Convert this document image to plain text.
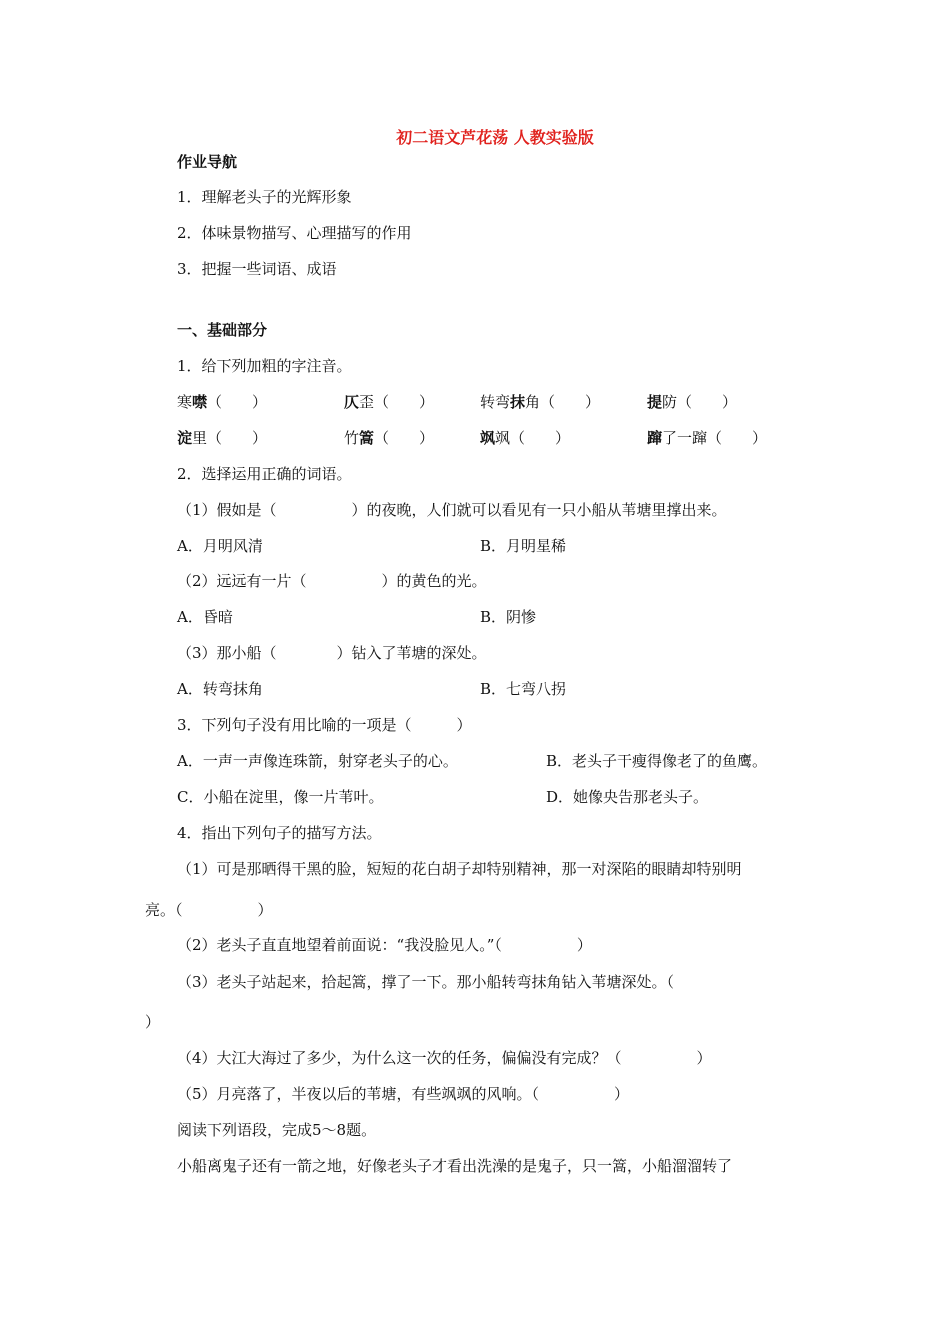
初二语文芦花荡 人教实验版
作业导航
1．理解老头子的光辉形象
2．体味景物描写、心理描写的作用
3．把握一些词语、成语
一、基础部分
1．给下列加粗的字注音。
寒噤（　　）	仄歪（　　）	转弯抹角（　　）	提防（　　）
淀里（　　）	竹篙（　　）	飒飒（　　）	蹿了一蹿（　　）
2．选择运用正确的词语。
（1）假如是（　　　　　）的夜晚，人们就可以看见有一只小船从苇塘里撑出来。
A．月明风清	B．月明星稀
（2）远远有一片（　　　　　）的黄色的光。
A．昏暗	B．阴惨
（3）那小船（　　　　）钻入了苇塘的深处。
A．转弯抹角	B．七弯八拐
3．下列句子没有用比喻的一项是（　　　）
A．一声一声像连珠箭，射穿老头子的心。	B．老头子干瘦得像老了的鱼鹰。
C．小船在淀里，像一片苇叶。	D．她像央告那老头子。
4．指出下列句子的描写方法。
（1）可是那晒得干黑的脸，短短的花白胡子却特别精神，那一对深陷的眼睛却特别明
亮。（　　　　　）
（2）老头子直直地望着前面说：“我没脸见人。”（　　　　　）
（3）老头子站起来，拾起篙，撑了一下。那小船转弯抹角钻入苇塘深处。（
）
（4）大江大海过了多少，为什么这一次的任务，偏偏没有完成？（　　　　　）
（5）月亮落了，半夜以后的苇塘，有些飒飒的风响。（　　　　　）
阅读下列语段，完成5～8题。
小船离鬼子还有一箭之地，好像老头子才看出洗澡的是鬼子，只一篙，小船溜溜转了
